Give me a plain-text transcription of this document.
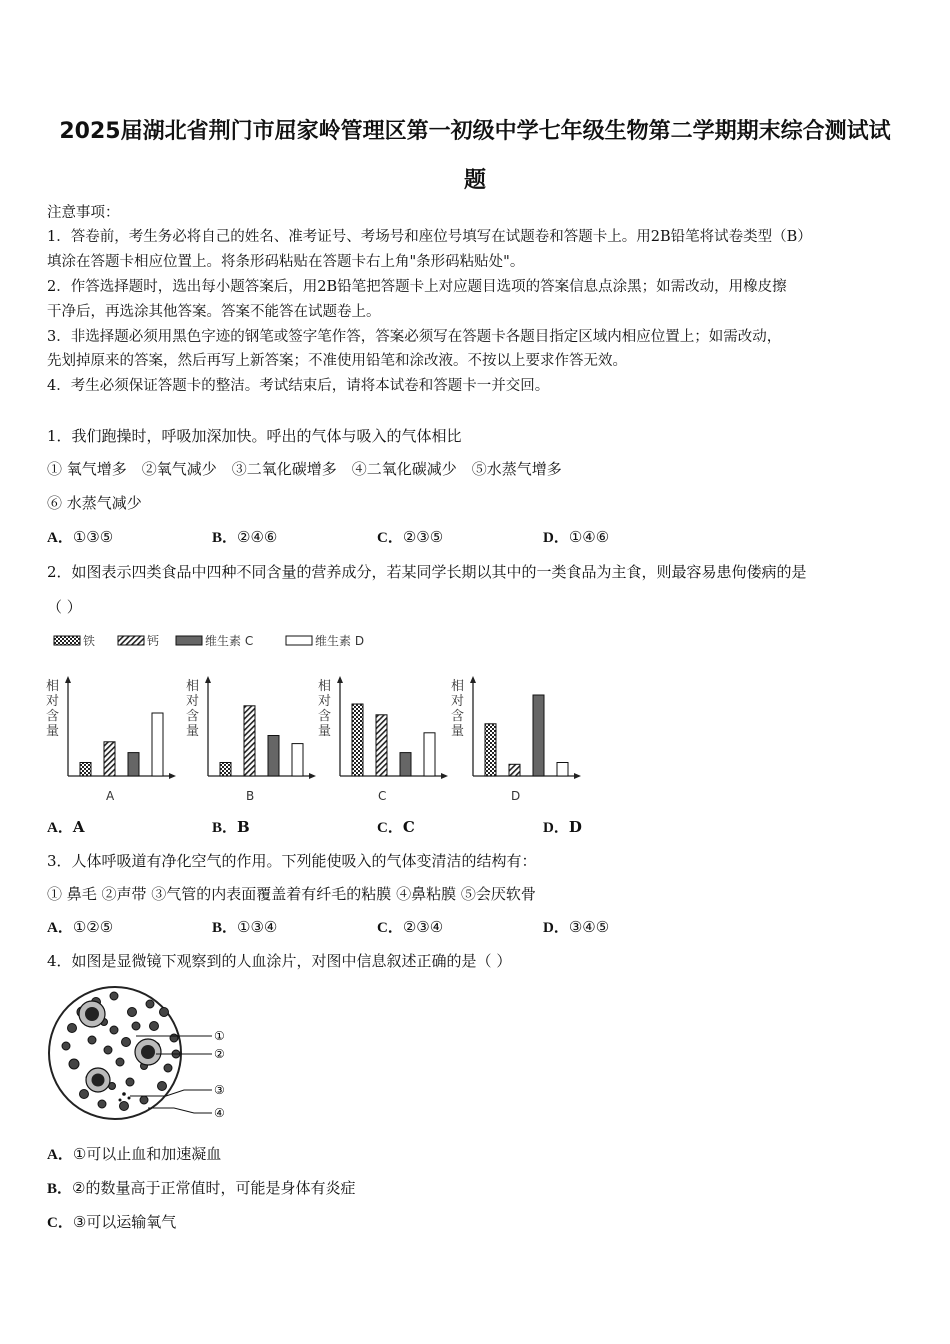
2025届湖北省荆门市屈家岭管理区第一初级中学七年级生物第二学期期末综合测试试
题
注意事项：
1．答卷前，考生务必将自己的姓名、准考证号、考场号和座位号填写在试题卷和答题卡上。用2B铅笔将试卷类型（B）
填涂在答题卡相应位置上。将条形码粘贴在答题卡右上角"条形码粘贴处"。
2．作答选择题时，选出每小题答案后，用2B铅笔把答题卡上对应题目选项的答案信息点涂黑；如需改动，用橡皮擦
干净后，再选涂其他答案。答案不能答在试题卷上。
3．非选择题必须用黑色字迹的钢笔或签字笔作答，答案必须写在答题卡各题目指定区域内相应位置上；如需改动，
先划掉原来的答案，然后再写上新答案；不准使用铅笔和涂改液。不按以上要求作答无效。
4．考生必须保证答题卡的整洁。考试结束后，请将本试卷和答题卡一并交回。
1．我们跑操时，呼吸加深加快。呼出的气体与吸入的气体相比
① 氧气增多　②氧气减少　③二氧化碳增多　④二氧化碳减少　⑤水蒸气增多
⑥ 水蒸气减少
A．①③⑤	B．②④⑥	C．②③⑤	D．①④⑥
2．如图表示四类食品中四种不同含量的营养成分，若某同学长期以其中的一类食品为主食，则最容易患佝偻病的是
（ ）
铁	钙	维生素 C	维生素 D
相
对
含
量
A
相
对
含
量
B
相
对
含
量
C
相
对
含
量
D
A．A	B．B	C．C	D．D
3．人体呼吸道有净化空气的作用。下列能使吸入的气体变清洁的结构有：
① 鼻毛 ②声带 ③气管的内表面覆盖着有纤毛的粘膜 ④鼻粘膜 ⑤会厌软骨
A．①②⑤	B．①③④	C．②③④	D．③④⑤
4．如图是显微镜下观察到的人血涂片，对图中信息叙述正确的是（ ）
①
②
③
④
A．①可以止血和加速凝血
B．②的数量高于正常值时，可能是身体有炎症
C．③可以运输氧气
